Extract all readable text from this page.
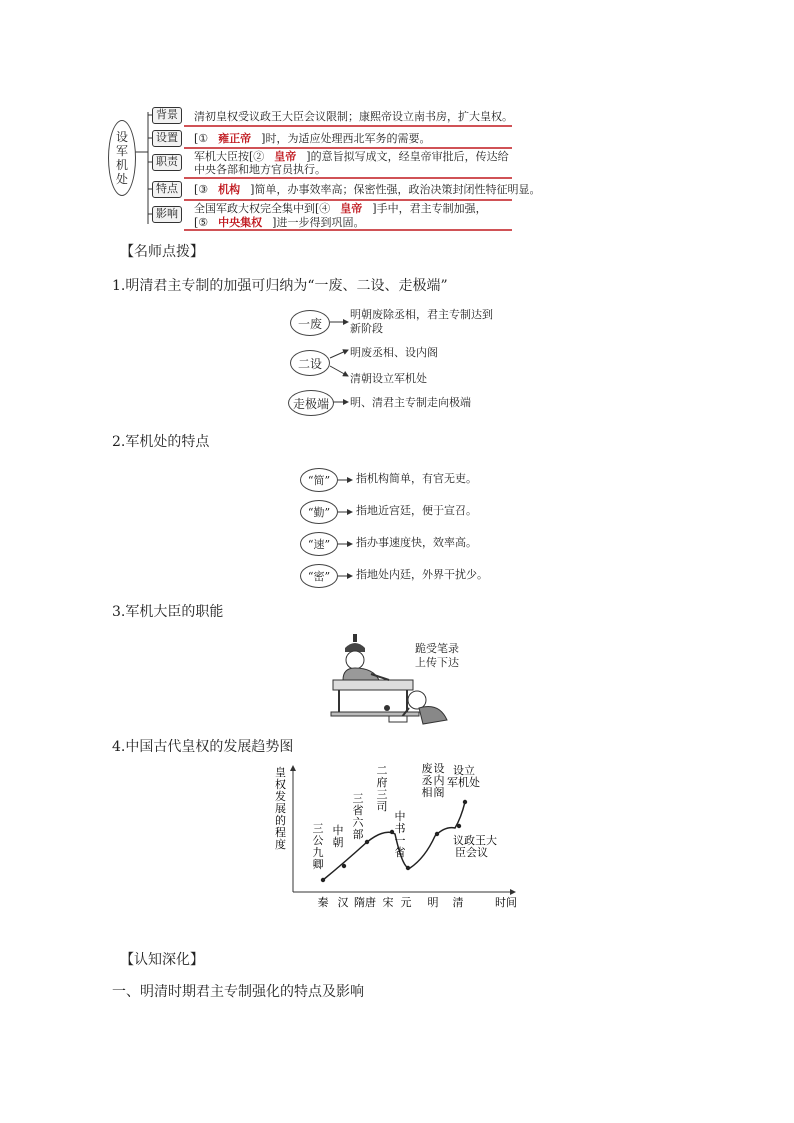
设
军
机
处
背景	清初皇权受议政王大臣会议限制；康熙帝设立南书房，扩大皇权。
设置	[① 雍正帝 ]时，为适应处理西北军务的需要。
职责	军机大臣按[② 皇帝 ]的意旨拟写成文，经皇帝审批后，传达给
中央各部和地方官员执行。
特点	[③ 机构 ]简单，办事效率高；保密性强，政治决策封闭性特征明显。
影响	全国军政大权完全集中到[④ 皇帝 ]手中，君主专制加强，
[⑤ 中央集权 ]进一步得到巩固。
【名师点拨】
1.明清君主专制的加强可归纳为“一废、二设、走极端”
一废
二设
走极端
明朝废除丞相，君主专制达到
新阶段
明废丞相、设内阁
清朝设立军机处
明、清君主专制走向极端
2.军机处的特点
“简”	指机构简单，有官无吏。
“勤”	指地近宫廷，便于宣召。
“速”	指办事速度快，效率高。
“密”	指地处内廷，外界干扰少。
3.军机大臣的职能
跪受笔录
上传下达
4.中国古代皇权的发展趋势图
皇权发展的程度
时间
秦 汉 隋唐 宋 元 明 清
三公九卿
中朝
三省六部
二府三司
中书一省
废丞相设内阁
议政王大臣会议
设立军机处
【认知深化】
一、明清时期君主专制强化的特点及影响
